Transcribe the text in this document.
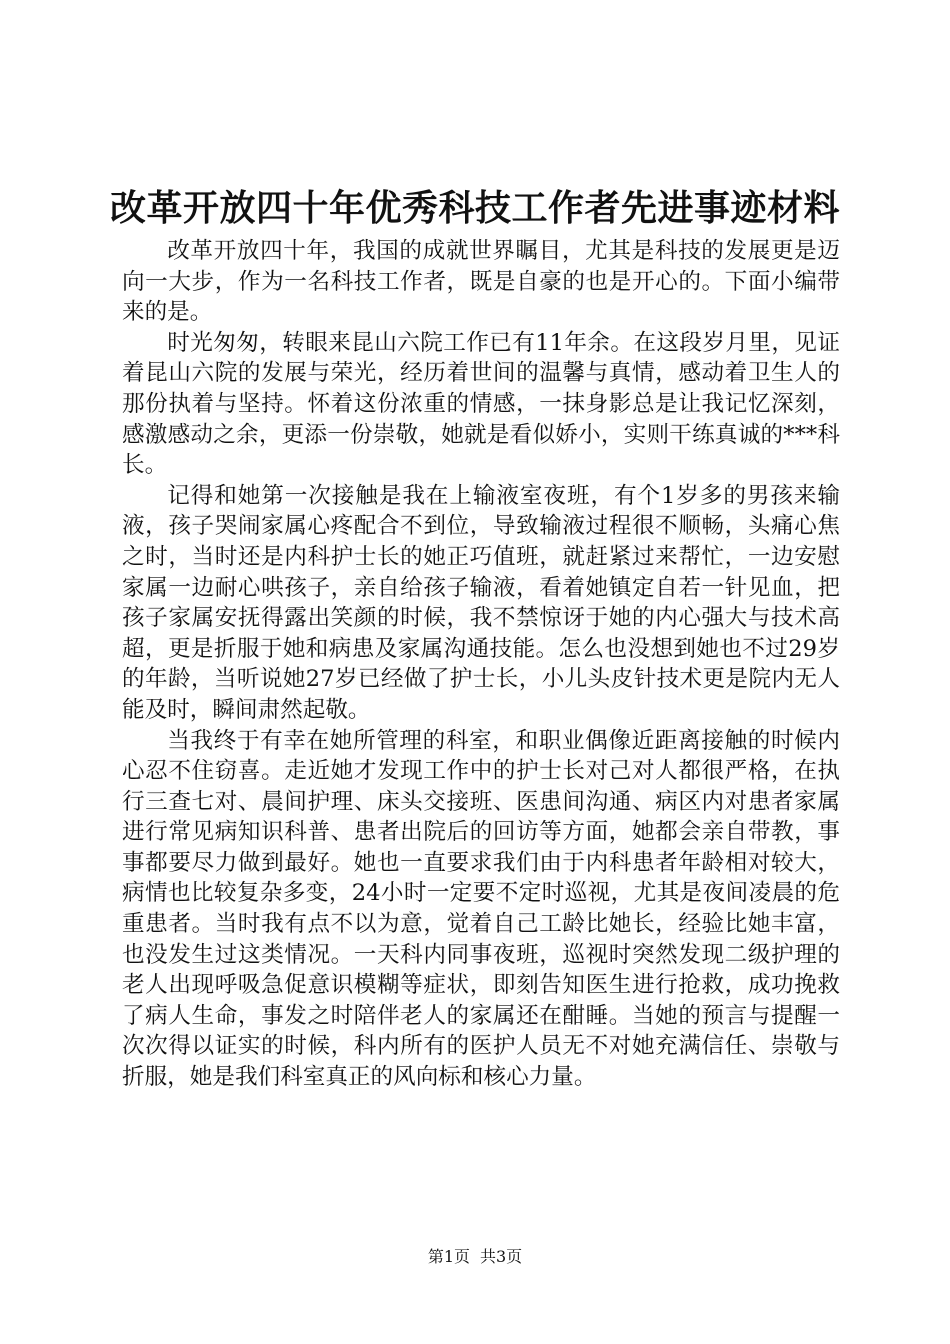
改革开放四十年优秀科技工作者先进事迹材料

改革开放四十年，我国的成就世界瞩目，尤其是科技的发展更是迈向一大步，作为一名科技工作者，既是自豪的也是开心的。下面小编带来的是。

时光匆匆，转眼来昆山六院工作已有11年余。在这段岁月里，见证着昆山六院的发展与荣光，经历着世间的温馨与真情，感动着卫生人的那份执着与坚持。怀着这份浓重的情感，一抹身影总是让我记忆深刻，感激感动之余，更添一份崇敬，她就是看似娇小，实则干练真诚的***科长。

记得和她第一次接触是我在上输液室夜班，有个1岁多的男孩来输液，孩子哭闹家属心疼配合不到位，导致输液过程很不顺畅，头痛心焦之时，当时还是内科护士长的她正巧值班，就赶紧过来帮忙，一边安慰家属一边耐心哄孩子，亲自给孩子输液，看着她镇定自若一针见血，把孩子家属安抚得露出笑颜的时候，我不禁惊讶于她的内心强大与技术高超，更是折服于她和病患及家属沟通技能。怎么也没想到她也不过29岁的年龄，当听说她27岁已经做了护士长，小儿头皮针技术更是院内无人能及时，瞬间肃然起敬。

当我终于有幸在她所管理的科室，和职业偶像近距离接触的时候内心忍不住窃喜。走近她才发现工作中的护士长对己对人都很严格，在执行三查七对、晨间护理、床头交接班、医患间沟通、病区内对患者家属进行常见病知识科普、患者出院后的回访等方面，她都会亲自带教，事事都要尽力做到最好。她也一直要求我们由于内科患者年龄相对较大，病情也比较复杂多变，24小时一定要不定时巡视，尤其是夜间凌晨的危重患者。当时我有点不以为意，觉着自己工龄比她长，经验比她丰富，也没发生过这类情况。一天科内同事夜班，巡视时突然发现二级护理的老人出现呼吸急促意识模糊等症状，即刻告知医生进行抢救，成功挽救了病人生命，事发之时陪伴老人的家属还在酣睡。当她的预言与提醒一次次得以证实的时候，科内所有的医护人员无不对她充满信任、崇敬与折服，她是我们科室真正的风向标和核心力量。

第1页 共3页
